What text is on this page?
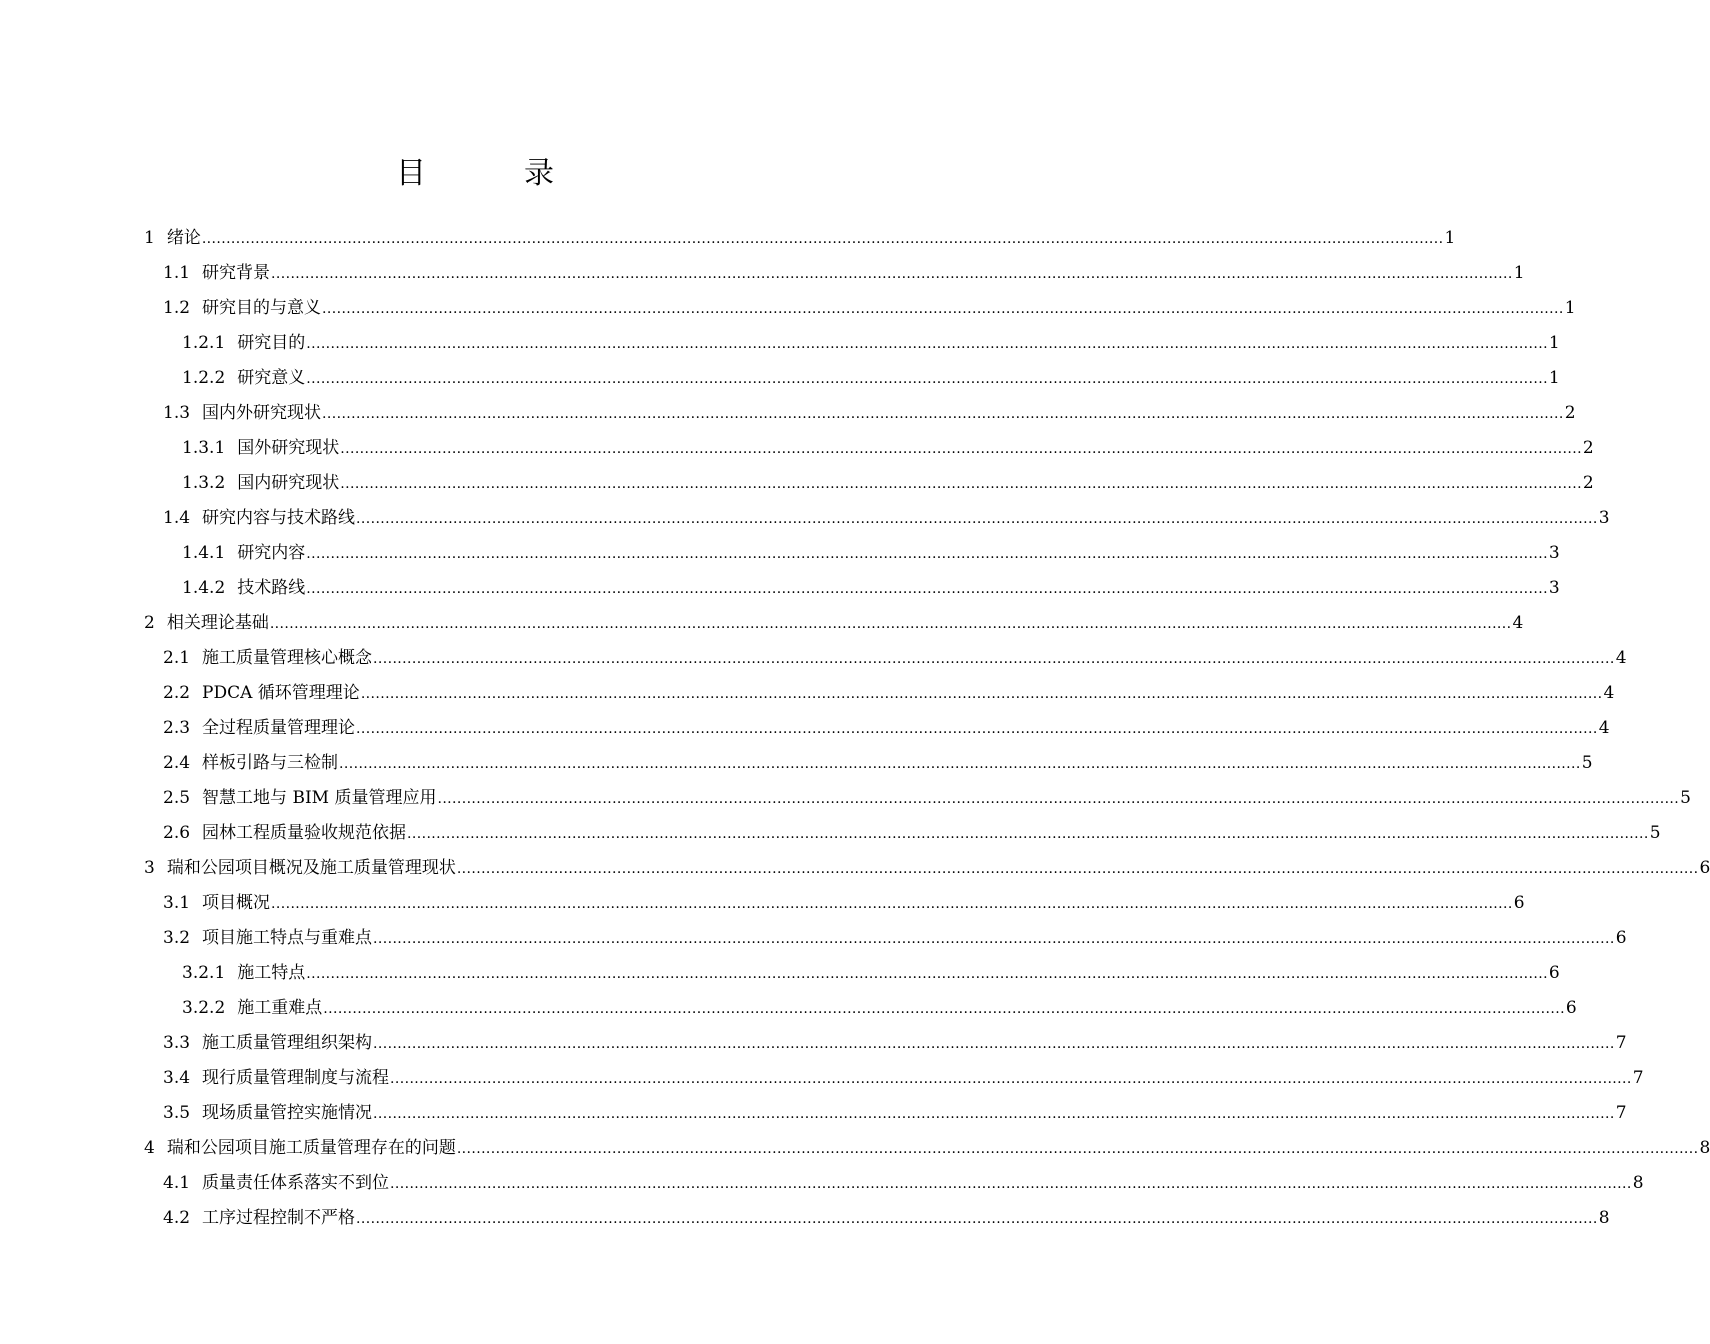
目　录
1 绪论 ................................................................................................................................................................................................................................................................ 1
1.1 研究背景 ................................................................................................................................................................................................................................................................ 1
1.2 研究目的与意义 ................................................................................................................................................................................................................................................................ 1
1.2.1 研究目的 ................................................................................................................................................................................................................................................................ 1
1.2.2 研究意义 ................................................................................................................................................................................................................................................................ 1
1.3 国内外研究现状 ................................................................................................................................................................................................................................................................ 2
1.3.1 国外研究现状 ................................................................................................................................................................................................................................................................ 2
1.3.2 国内研究现状 ................................................................................................................................................................................................................................................................ 2
1.4 研究内容与技术路线 ................................................................................................................................................................................................................................................................ 3
1.4.1 研究内容 ................................................................................................................................................................................................................................................................ 3
1.4.2 技术路线 ................................................................................................................................................................................................................................................................ 3
2 相关理论基础 ................................................................................................................................................................................................................................................................ 4
2.1 施工质量管理核心概念 ................................................................................................................................................................................................................................................................ 4
2.2 PDCA 循环管理理论 ................................................................................................................................................................................................................................................................ 4
2.3 全过程质量管理理论 ................................................................................................................................................................................................................................................................ 4
2.4 样板引路与三检制 ................................................................................................................................................................................................................................................................ 5
2.5 智慧工地与 BIM 质量管理应用 ................................................................................................................................................................................................................................................................ 5
2.6 园林工程质量验收规范依据 ................................................................................................................................................................................................................................................................ 5
3 瑞和公园项目概况及施工质量管理现状 ................................................................................................................................................................................................................................................................ 6
3.1 项目概况 ................................................................................................................................................................................................................................................................ 6
3.2 项目施工特点与重难点 ................................................................................................................................................................................................................................................................ 6
3.2.1 施工特点 ................................................................................................................................................................................................................................................................ 6
3.2.2 施工重难点 ................................................................................................................................................................................................................................................................ 6
3.3 施工质量管理组织架构 ................................................................................................................................................................................................................................................................ 7
3.4 现行质量管理制度与流程 ................................................................................................................................................................................................................................................................ 7
3.5 现场质量管控实施情况 ................................................................................................................................................................................................................................................................ 7
4 瑞和公园项目施工质量管理存在的问题 ................................................................................................................................................................................................................................................................ 8
4.1 质量责任体系落实不到位 ................................................................................................................................................................................................................................................................ 8
4.2 工序过程控制不严格 ................................................................................................................................................................................................................................................................ 8
